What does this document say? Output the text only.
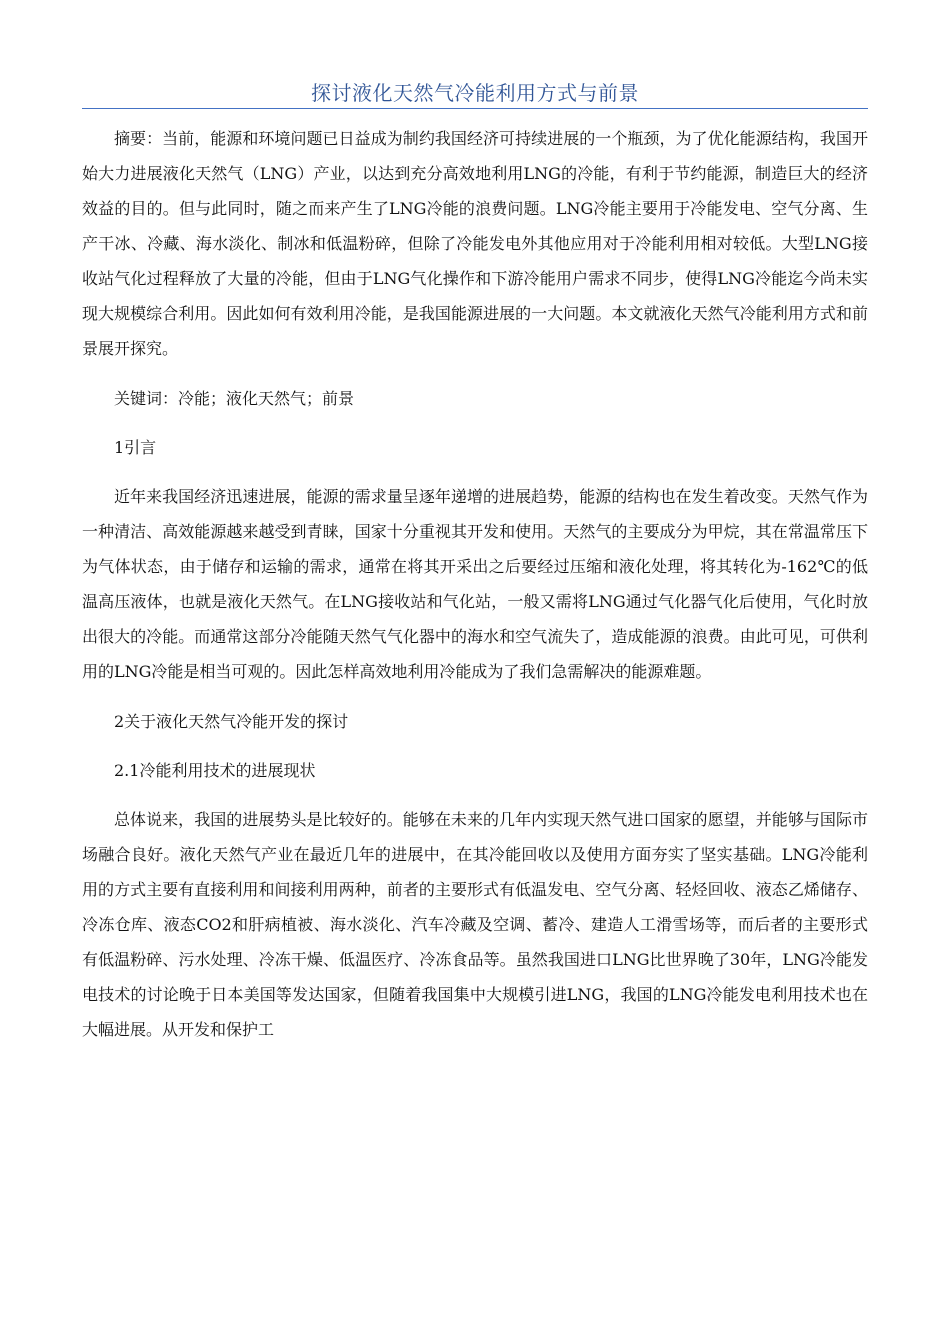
探讨液化天然气冷能利用方式与前景

摘要：当前，能源和环境问题已日益成为制约我国经济可持续进展的一个瓶颈，为了优化能源结构，我国开始大力进展液化天然气（LNG）产业，以达到充分高效地利用LNG的冷能，有利于节约能源，制造巨大的经济效益的目的。但与此同时，随之而来产生了LNG冷能的浪费问题。LNG冷能主要用于冷能发电、空气分离、生产干冰、冷藏、海水淡化、制冰和低温粉碎，但除了冷能发电外其他应用对于冷能利用相对较低。大型LNG接收站气化过程释放了大量的冷能，但由于LNG气化操作和下游冷能用户需求不同步，使得LNG冷能迄今尚未实现大规模综合利用。因此如何有效利用冷能，是我国能源进展的一大问题。本文就液化天然气冷能利用方式和前景展开探究。

关键词：冷能；液化天然气；前景

1引言

近年来我国经济迅速进展，能源的需求量呈逐年递增的进展趋势，能源的结构也在发生着改变。天然气作为一种清洁、高效能源越来越受到青睐，国家十分重视其开发和使用。天然气的主要成分为甲烷，其在常温常压下为气体状态，由于储存和运输的需求，通常在将其开采出之后要经过压缩和液化处理，将其转化为-162℃的低温高压液体，也就是液化天然气。在LNG接收站和气化站，一般又需将LNG通过气化器气化后使用，气化时放出很大的冷能。而通常这部分冷能随天然气气化器中的海水和空气流失了，造成能源的浪费。由此可见，可供利用的LNG冷能是相当可观的。因此怎样高效地利用冷能成为了我们急需解决的能源难题。

2关于液化天然气冷能开发的探讨

2.1冷能利用技术的进展现状

总体说来，我国的进展势头是比较好的。能够在未来的几年内实现天然气进口国家的愿望，并能够与国际市场融合良好。液化天然气产业在最近几年的进展中，在其冷能回收以及使用方面夯实了坚实基础。LNG冷能利用的方式主要有直接利用和间接利用两种，前者的主要形式有低温发电、空气分离、轻烃回收、液态乙烯储存、冷冻仓库、液态CO2和肝病植被、海水淡化、汽车冷藏及空调、蓄冷、建造人工滑雪场等，而后者的主要形式有低温粉碎、污水处理、冷冻干燥、低温医疗、冷冻食品等。虽然我国进口LNG比世界晚了30年，LNG冷能发电技术的讨论晚于日本美国等发达国家，但随着我国集中大规模引进LNG，我国的LNG冷能发电利用技术也在大幅进展。从开发和保护工
